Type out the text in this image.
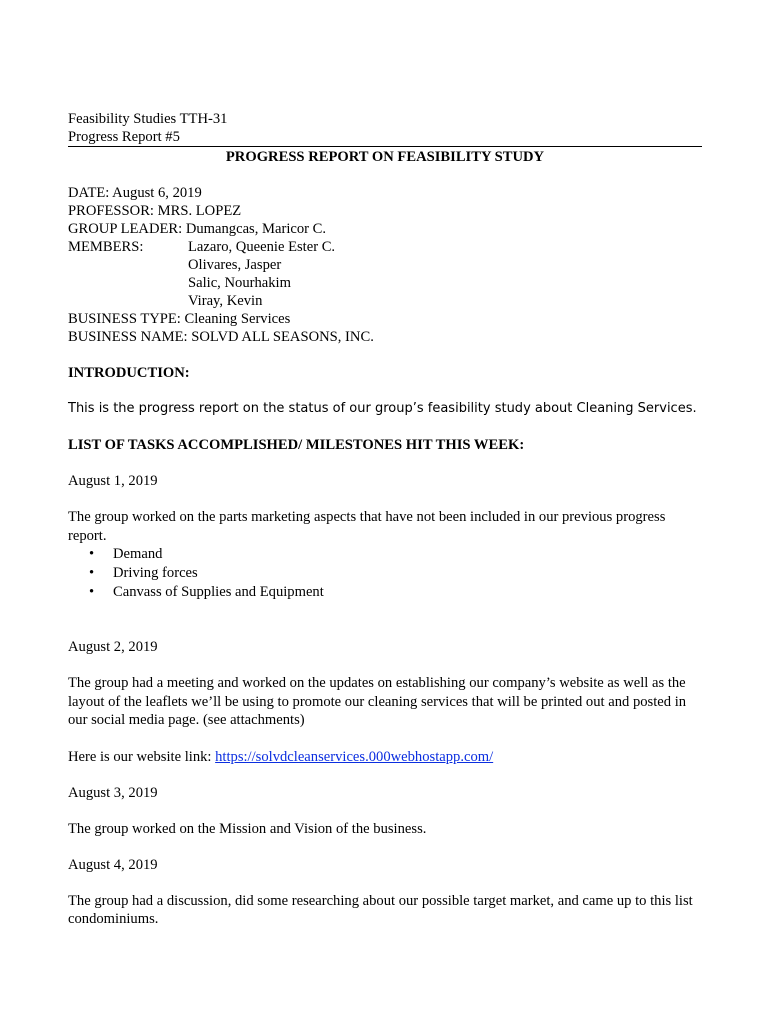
Feasibility Studies TTH-31
Progress Report #5
PROGRESS REPORT ON FEASIBILITY STUDY
DATE: August 6, 2019
PROFESSOR: MRS. LOPEZ
GROUP LEADER: Dumangcas, Maricor C.
MEMBERS:	Lazaro, Queenie Ester C.
Olivares, Jasper
Salic, Nourhakim
Viray, Kevin
BUSINESS TYPE: Cleaning Services
BUSINESS NAME: SOLVD ALL SEASONS, INC.
INTRODUCTION:
This is the progress report on the status of our group’s feasibility study about Cleaning Services.
LIST OF TASKS ACCOMPLISHED/ MILESTONES HIT THIS WEEK:
August 1, 2019
The group worked on the parts marketing aspects that have not been included in our previous progress report.
• Demand
• Driving forces
• Canvass of Supplies and Equipment
August 2, 2019
The group had a meeting and worked on the updates on establishing our company’s website as well as the layout of the leaflets we’ll be using to promote our cleaning services that will be printed out and posted in our social media page. (see attachments)
Here is our website link: https://solvdcleanservices.000webhostapp.com/
August 3, 2019
The group worked on the Mission and Vision of the business.
August 4, 2019
The group had a discussion, did some researching about our possible target market, and came up to this list condominiums.
